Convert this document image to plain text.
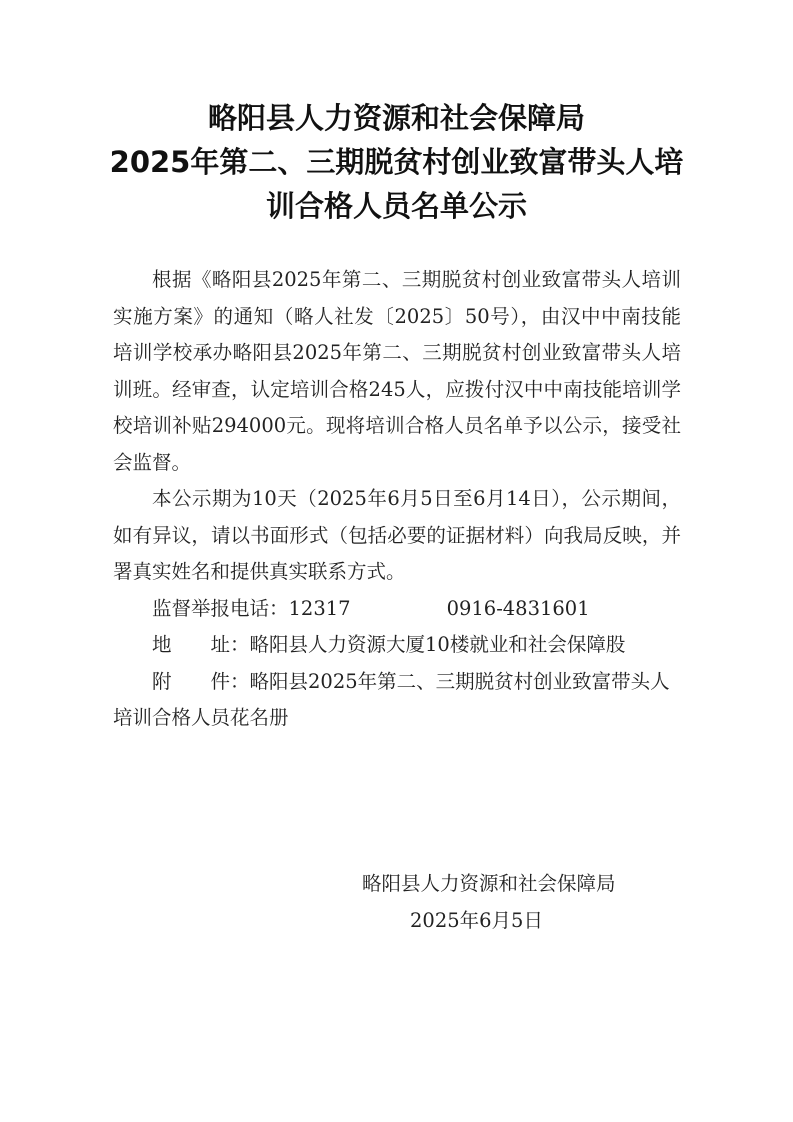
略阳县人力资源和社会保障局
2025年第二、三期脱贫村创业致富带头人培
训合格人员名单公示

根据《略阳县2025年第二、三期脱贫村创业致富带头人培训实施方案》的通知（略人社发〔2025〕50号），由汉中中南技能培训学校承办略阳县2025年第二、三期脱贫村创业致富带头人培训班。经审查，认定培训合格245人，应拨付汉中中南技能培训学校培训补贴294000元。现将培训合格人员名单予以公示，接受社会监督。

本公示期为10天（2025年6月5日至6月14日），公示期间，如有异议，请以书面形式（包括必要的证据材料）向我局反映，并署真实姓名和提供真实联系方式。

监督举报电话：12317	0916-4831601

地　　址：略阳县人力资源大厦10楼就业和社会保障股

附　　件：略阳县2025年第二、三期脱贫村创业致富带头人培训合格人员花名册

略阳县人力资源和社会保障局
2025年6月5日
